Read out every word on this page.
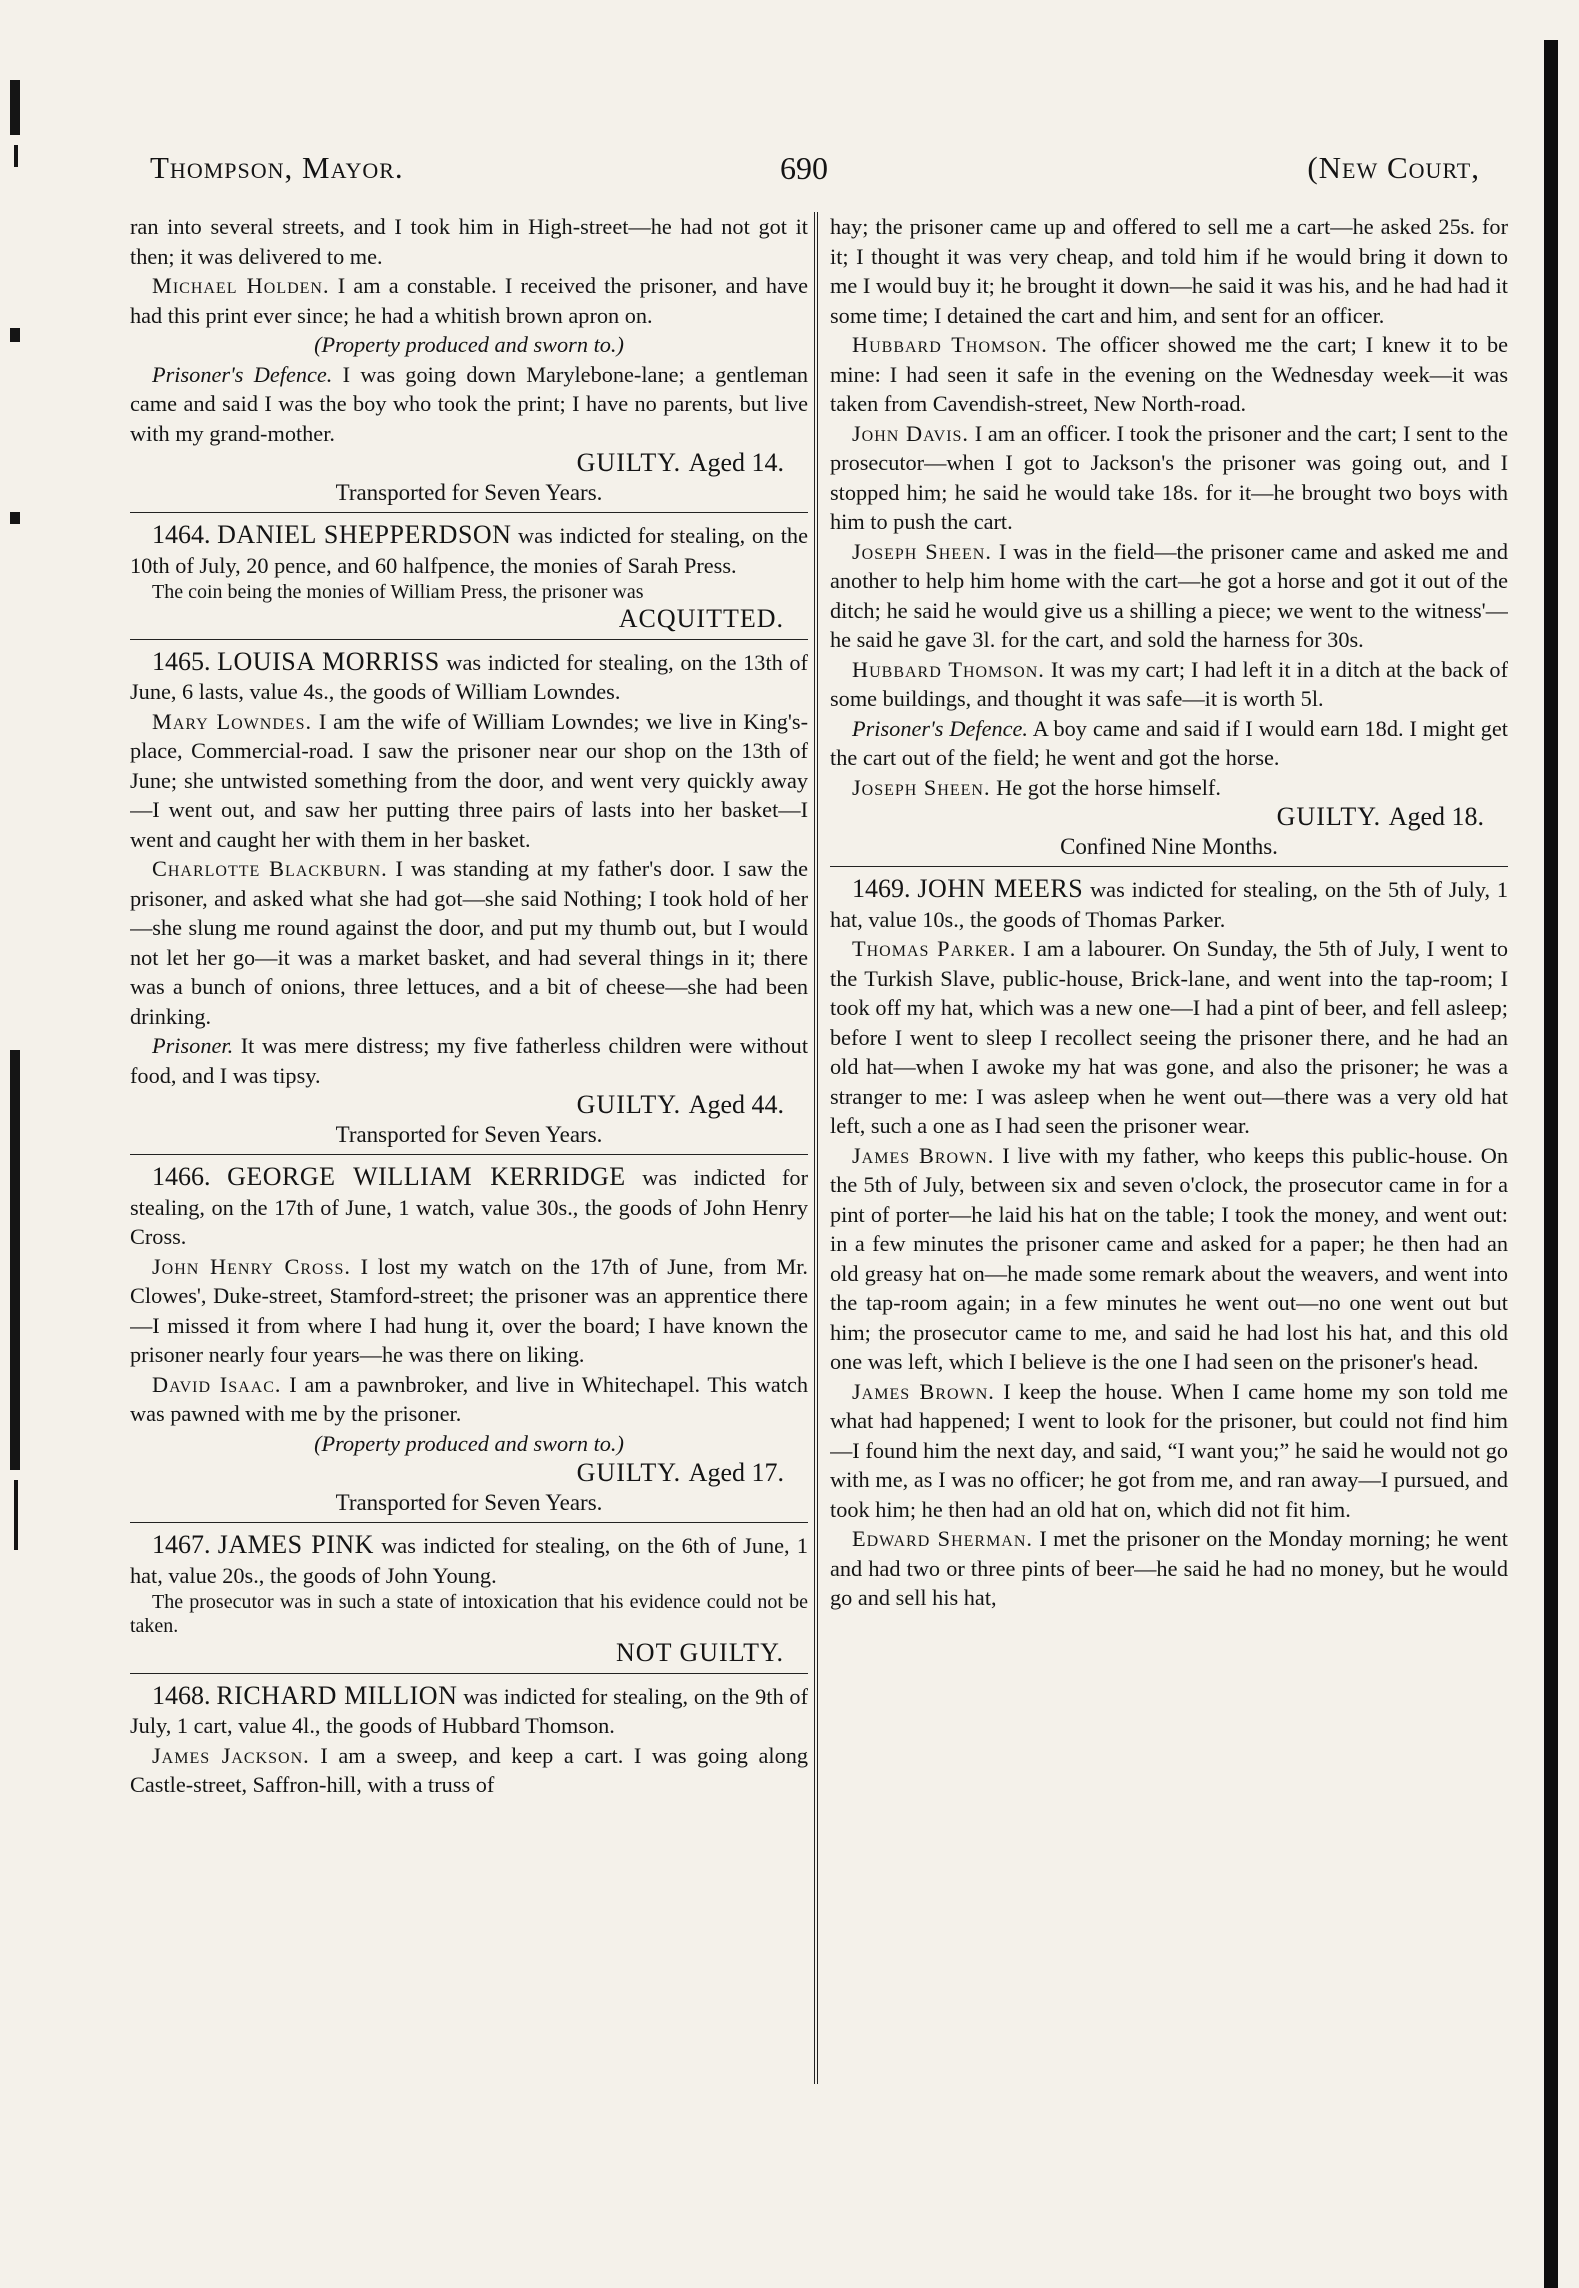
Thompson, Mayor.	690	(New Court,

ran into several streets, and I took him in High-street—he had not got it then; it was delivered to me.

Michael Holden. I am a constable. I received the prisoner, and have had this print ever since; he had a whitish brown apron on.

(Property produced and sworn to.)

Prisoner's Defence. I was going down Marylebone-lane; a gentleman came and said I was the boy who took the print; I have no parents, but live with my grand-mother.

GUILTY. Aged 14.

Transported for Seven Years.

1464. DANIEL SHEPPERDSON was indicted for stealing, on the 10th of July, 20 pence, and 60 halfpence, the monies of Sarah Press.

The coin being the monies of William Press, the prisoner was

ACQUITTED.

1465. LOUISA MORRISS was indicted for stealing, on the 13th of June, 6 lasts, value 4s., the goods of William Lowndes.

Mary Lowndes. I am the wife of William Lowndes; we live in King's-place, Commercial-road. I saw the prisoner near our shop on the 13th of June; she untwisted something from the door, and went very quickly away—I went out, and saw her putting three pairs of lasts into her basket—I went and caught her with them in her basket.

Charlotte Blackburn. I was standing at my father's door. I saw the prisoner, and asked what she had got—she said Nothing; I took hold of her—she slung me round against the door, and put my thumb out, but I would not let her go—it was a market basket, and had several things in it; there was a bunch of onions, three lettuces, and a bit of cheese—she had been drinking.

Prisoner. It was mere distress; my five fatherless children were without food, and I was tipsy.

GUILTY. Aged 44.

Transported for Seven Years.

1466. GEORGE WILLIAM KERRIDGE was indicted for stealing, on the 17th of June, 1 watch, value 30s., the goods of John Henry Cross.

John Henry Cross. I lost my watch on the 17th of June, from Mr. Clowes', Duke-street, Stamford-street; the prisoner was an apprentice there—I missed it from where I had hung it, over the board; I have known the prisoner nearly four years—he was there on liking.

David Isaac. I am a pawnbroker, and live in Whitechapel. This watch was pawned with me by the prisoner.

(Property produced and sworn to.)

GUILTY. Aged 17.

Transported for Seven Years.

1467. JAMES PINK was indicted for stealing, on the 6th of June, 1 hat, value 20s., the goods of John Young.

The prosecutor was in such a state of intoxication that his evidence could not be taken.

NOT GUILTY.

1468. RICHARD MILLION was indicted for stealing, on the 9th of July, 1 cart, value 4l., the goods of Hubbard Thomson.

James Jackson. I am a sweep, and keep a cart. I was going along Castle-street, Saffron-hill, with a truss of

hay; the prisoner came up and offered to sell me a cart—he asked 25s. for it; I thought it was very cheap, and told him if he would bring it down to me I would buy it; he brought it down—he said it was his, and he had had it some time; I detained the cart and him, and sent for an officer.

Hubbard Thomson. The officer showed me the cart; I knew it to be mine: I had seen it safe in the evening on the Wednesday week—it was taken from Cavendish-street, New North-road.

John Davis. I am an officer. I took the prisoner and the cart; I sent to the prosecutor—when I got to Jackson's the prisoner was going out, and I stopped him; he said he would take 18s. for it—he brought two boys with him to push the cart.

Joseph Sheen. I was in the field—the prisoner came and asked me and another to help him home with the cart—he got a horse and got it out of the ditch; he said he would give us a shilling a piece; we went to the witness'—he said he gave 3l. for the cart, and sold the harness for 30s.

Hubbard Thomson. It was my cart; I had left it in a ditch at the back of some buildings, and thought it was safe—it is worth 5l.

Prisoner's Defence. A boy came and said if I would earn 18d. I might get the cart out of the field; he went and got the horse.

Joseph Sheen. He got the horse himself.

GUILTY. Aged 18.

Confined Nine Months.

1469. JOHN MEERS was indicted for stealing, on the 5th of July, 1 hat, value 10s., the goods of Thomas Parker.

Thomas Parker. I am a labourer. On Sunday, the 5th of July, I went to the Turkish Slave, public-house, Brick-lane, and went into the tap-room; I took off my hat, which was a new one—I had a pint of beer, and fell asleep; before I went to sleep I recollect seeing the prisoner there, and he had an old hat—when I awoke my hat was gone, and also the prisoner; he was a stranger to me: I was asleep when he went out—there was a very old hat left, such a one as I had seen the prisoner wear.

James Brown. I live with my father, who keeps this public-house. On the 5th of July, between six and seven o'clock, the prosecutor came in for a pint of porter—he laid his hat on the table; I took the money, and went out: in a few minutes the prisoner came and asked for a paper; he then had an old greasy hat on—he made some remark about the weavers, and went into the tap-room again; in a few minutes he went out—no one went out but him; the prosecutor came to me, and said he had lost his hat, and this old one was left, which I believe is the one I had seen on the prisoner's head.

James Brown. I keep the house. When I came home my son told me what had happened; I went to look for the prisoner, but could not find him—I found him the next day, and said, “I want you;” he said he would not go with me, as I was no officer; he got from me, and ran away—I pursued, and took him; he then had an old hat on, which did not fit him.

Edward Sherman. I met the prisoner on the Monday morning; he went and had two or three pints of beer—he said he had no money, but he would go and sell his hat,
